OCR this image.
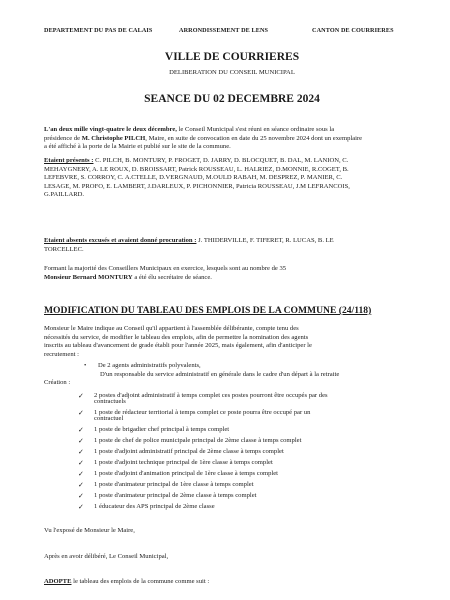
DEPARTEMENT DU PAS DE CALAIS	ARRONDISSEMENT DE LENS	CANTON DE COURRIERES
VILLE DE COURRIERES
DELIBERATION DU CONSEIL MUNICIPAL
SEANCE DU 02 DECEMBRE 2024
L'an deux mille vingt-quatre le deux décembre, le Conseil Municipal s'est réuni en séance ordinaire sous la
présidence de M. Christophe PILCH, Maire, en suite de convocation en date du 25 novembre 2024 dont un exemplaire
a été affiché à la porte de la Mairie et publié sur le site de la commune.
Etaient présents : C. PILCH, B. MONTURY, P. FROGET, D. JARRY, D. BLOCQUET, B. DAL, M. LANION, C.
MEHAYGNERY, A. LE ROUX, D. BROISSART, Patrick ROUSSEAU, L. HALRIEZ, D.MONNIE, R.COGET, B.
LEFEBVRE, S. CORROY, C. A.CTELLE, D.VERGNAUD, M.OULD RABAH, M. DESPREZ, P. MANIER, C.
LESAGE, M. PROFO, E. LAMBERT, J.DARLEUX, P. PICHONNIER, Patricia ROUSSEAU, J.M LEFRANCOIS,
G.PAILLARD.
Etaient absents excusés et avaient donné procuration : J. THIDERVILLE, F. TIFERET, R. LUCAS, B. LE
TORCELLEC.
Formant la majorité des Conseillers Municipaux en exercice, lesquels sont au nombre de 35
Monsieur Bernard MONTURY a été élu secrétaire de séance.
MODIFICATION DU TABLEAU DES EMPLOIS DE LA COMMUNE (24/118)
Monsieur le Maire indique au Conseil qu'il appartient à l'assemblée délibérante, compte tenu des
nécessités du service, de modifier le tableau des emplois, afin de permettre la nomination des agents
inscrits au tableau d'avancement de grade établi pour l'année 2025, mais également, afin d'anticiper le
recrutement :
• De 2 agents administratifs polyvalents,
D'un responsable du service administratif en générale dans le cadre d'un départ à la retraite
Création :
✓ 2 postes d'adjoint administratif à temps complet ces postes pourront être occupés par des
contractuels
✓ 1 poste de rédacteur territorial à temps complet ce poste pourra être occupé par un
contractuel
✓ 1 poste de brigadier chef principal à temps complet
✓ 1 poste de chef de police municipale principal de 2ème classe à temps complet
✓ 1 poste d'adjoint administratif principal de 2ème classe à temps complet
✓ 1 poste d'adjoint technique principal de 1ère classe à temps complet
✓ 1 poste d'adjoint d'animation principal de 1ère classe à temps complet
✓ 1 poste d'animateur principal de 1ère classe à temps complet
✓ 1 poste d'animateur principal de 2ème classe à temps complet
✓ 1 éducateur des APS principal de 2ème classe
Vu l'exposé de Monsieur le Maire,
Après en avoir délibéré, Le Conseil Municipal,
ADOPTE le tableau des emplois de la commune comme suit :
